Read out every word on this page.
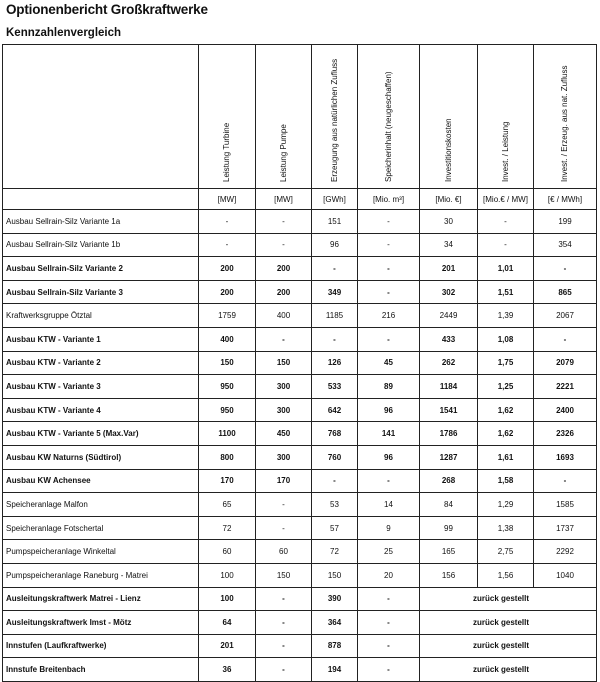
Optionenbericht Großkraftwerke
Kennzahlenvergleich

	Leistung Turbine	Leistung Pumpe	Erzeugung aus natürlichen Zufluss	Speicherinhalt (neugeschaffen)	Investitionskosten	Invest. / Leistung	Invest. / Erzeug. aus nat. Zufluss

	[MW]	[MW]	[GWh]	[Mio. m³]	[Mio. €]	[Mio.€ / MW]	[€ / MWh]
Ausbau Sellrain-Silz Variante 1a	-	-	151	-	30	-	199
Ausbau Sellrain-Silz Variante 1b	-	-	96	-	34	-	354
Ausbau Sellrain-Silz Variante 2	200	200	-	-	201	1,01	-
Ausbau Sellrain-Silz Variante 3	200	200	349	-	302	1,51	865
Kraftwerksgruppe Ötztal	1759	400	1185	216	2449	1,39	2067
Ausbau KTW - Variante 1	400	-	-	-	433	1,08	-
Ausbau KTW - Variante 2	150	150	126	45	262	1,75	2079
Ausbau KTW - Variante 3	950	300	533	89	1184	1,25	2221
Ausbau KTW - Variante 4	950	300	642	96	1541	1,62	2400
Ausbau KTW - Variante 5 (Max.Var)	1100	450	768	141	1786	1,62	2326
Ausbau KW Naturns (Südtirol)	800	300	760	96	1287	1,61	1693
Ausbau KW Achensee	170	170	-	-	268	1,58	-
Speicheranlage Malfon	65	-	53	14	84	1,29	1585
Speicheranlage Fotschertal	72	-	57	9	99	1,38	1737
Pumpspeicheranlage Winkeltal	60	60	72	25	165	2,75	2292
Pumpspeicheranlage Raneburg - Matrei	100	150	150	20	156	1,56	1040
Ausleitungskraftwerk Matrei - Lienz	100	-	390	-	zurück gestellt		
Ausleitungskraftwerk Imst - Mötz	64	-	364	-	zurück gestellt		
Innstufen (Laufkraftwerke)	201	-	878	-	zurück gestellt		
Innstufe Breitenbach	36	-	194	-	zurück gestellt		
